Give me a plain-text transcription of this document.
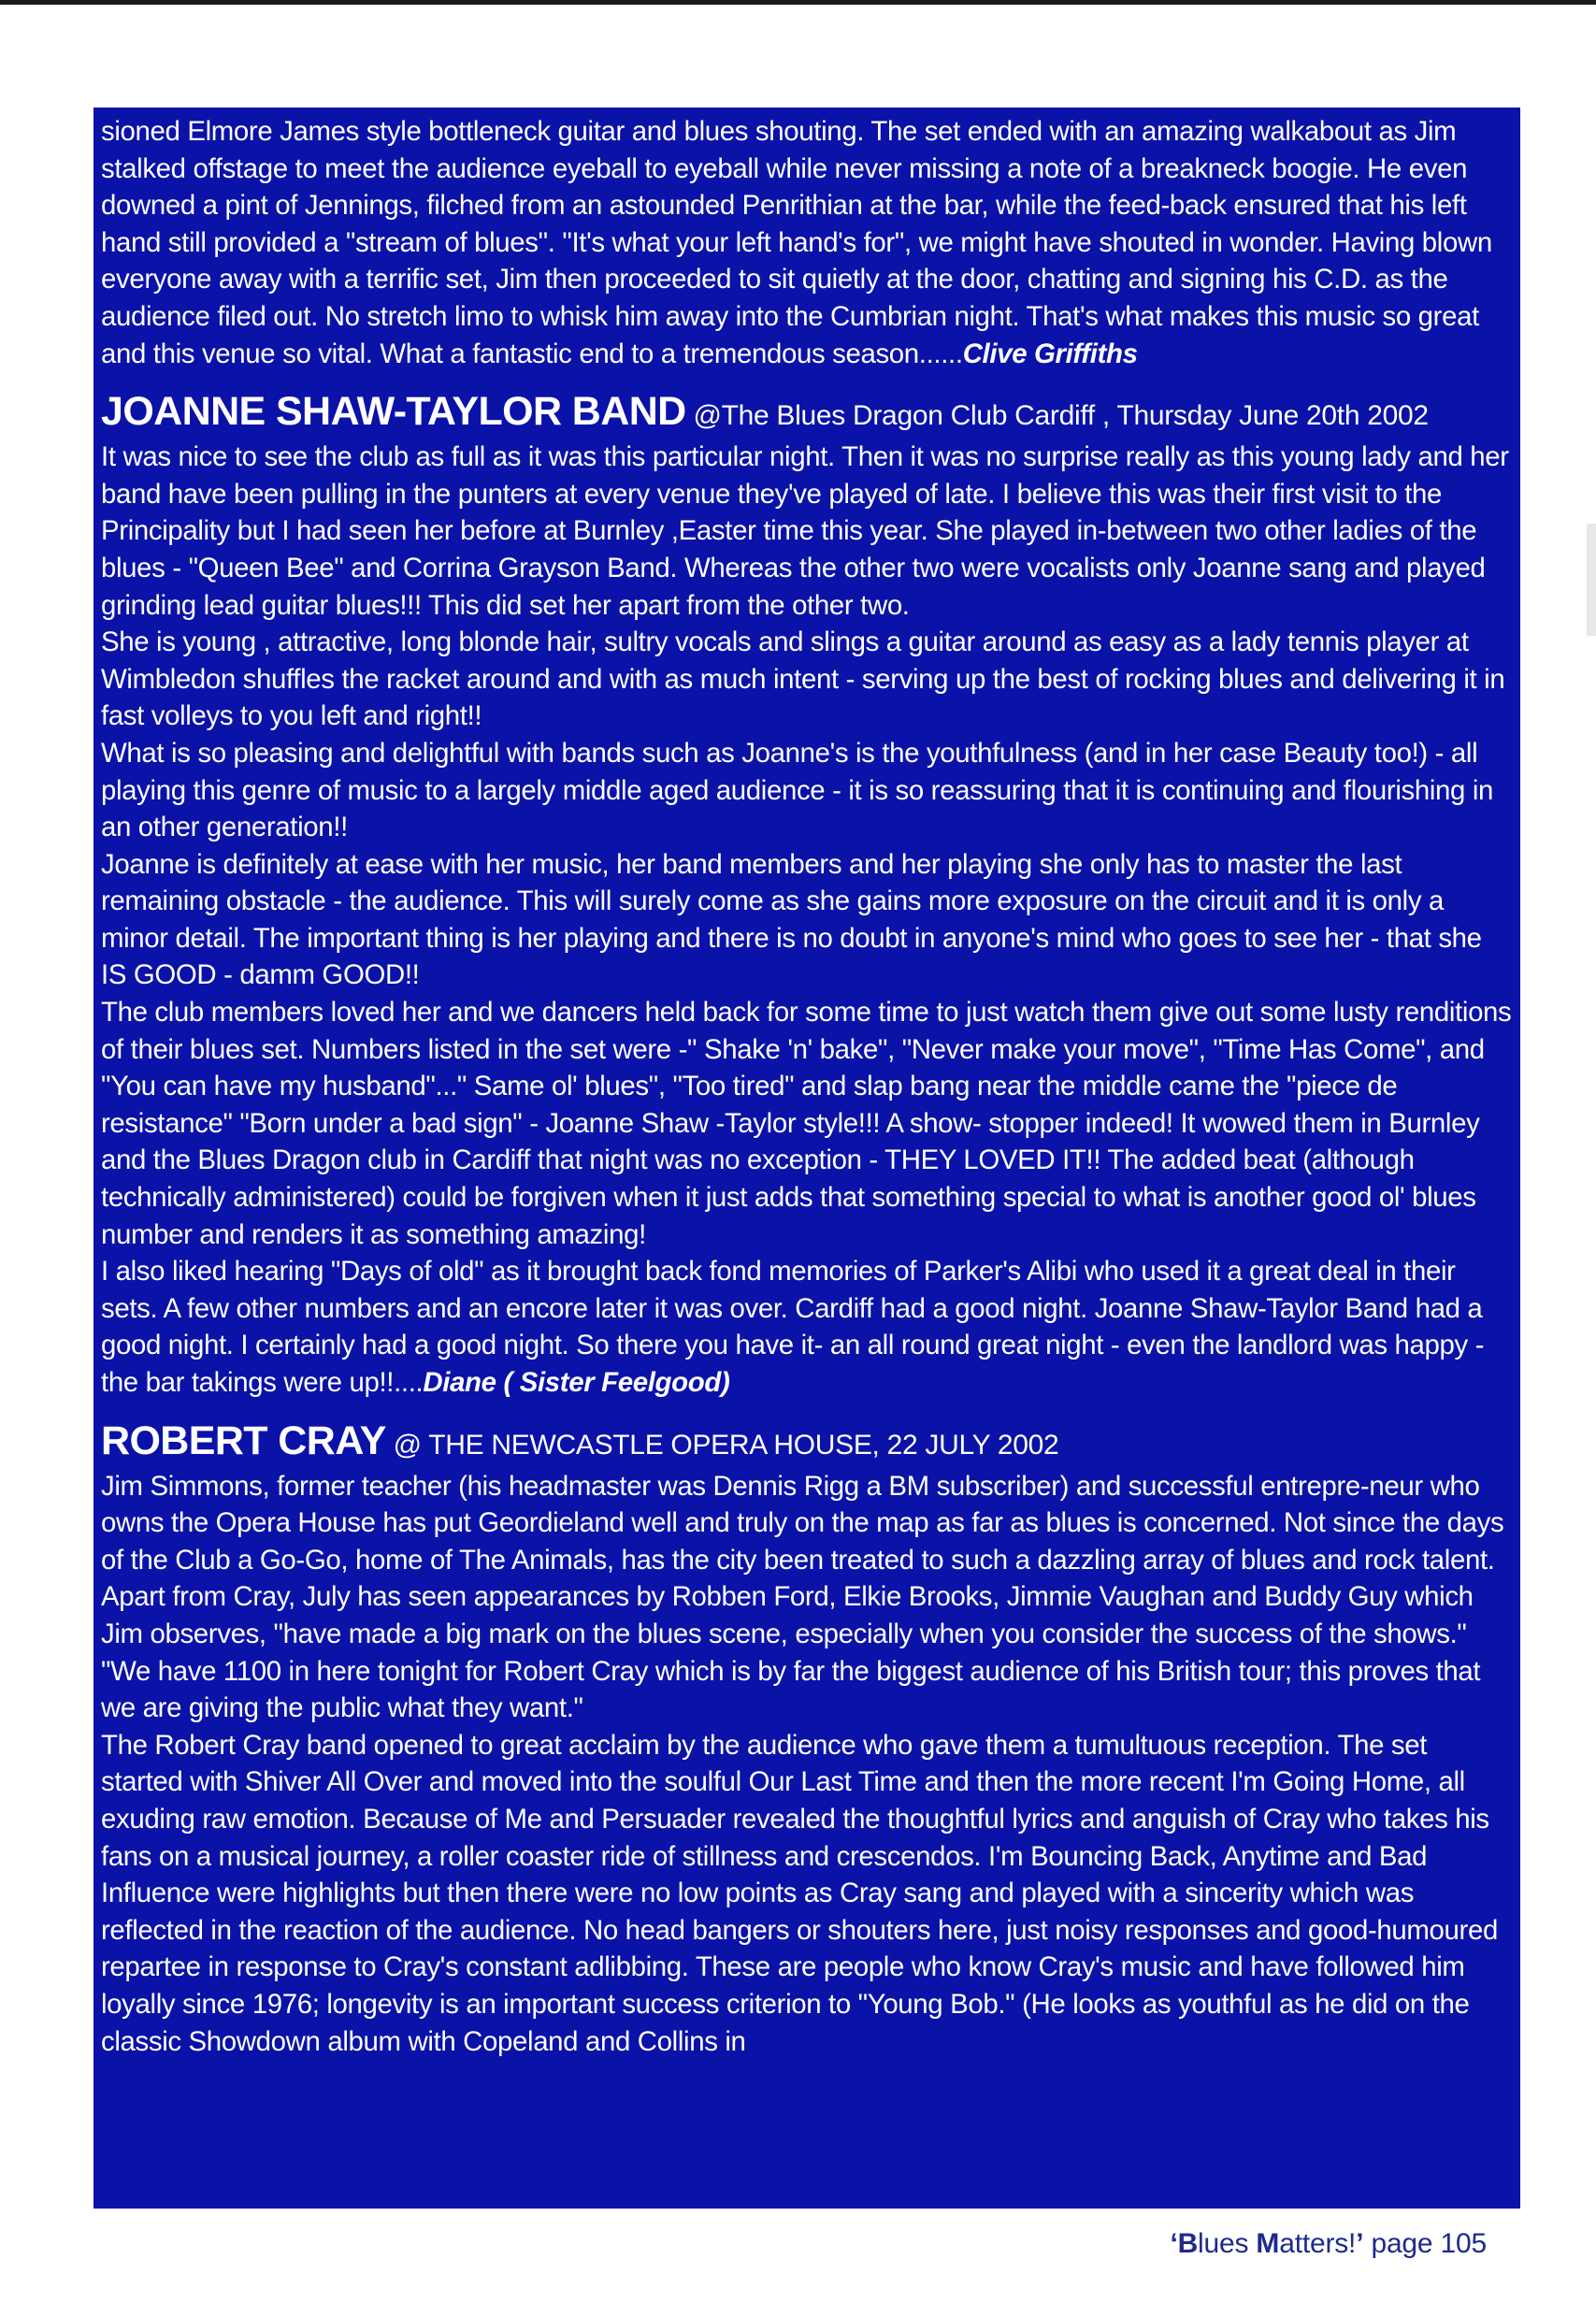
sioned Elmore James style bottleneck guitar and blues shouting. The set ended with an amazing walkabout as Jim stalked offstage to meet the audience eyeball to eyeball while never missing a note of a breakneck boogie. He even downed a pint of Jennings, filched from an astounded Penrithian at the bar, while the feed-back ensured that his left hand still provided a "stream of blues". "It's what your left hand's for", we might have shouted in wonder. Having blown everyone away with a terrific set, Jim then proceeded to sit quietly at the door, chatting and signing his C.D. as the audience filed out. No stretch limo to whisk him away into the Cumbrian night. That's what makes this music so great and this venue so vital. What a fantastic end to a tremendous season......Clive Griffiths

JOANNE SHAW-TAYLOR BAND @The Blues Dragon Club Cardiff , Thursday June 20th 2002

It was nice to see the club as full as it was this particular night. Then it was no surprise really as this young lady and her band have been pulling in the punters at every venue they've played of late. I believe this was their first visit to the Principality but I had seen her before at Burnley ,Easter time this year. She played in-between two other ladies of the blues - "Queen Bee" and Corrina Grayson Band. Whereas the other two were vocalists only Joanne sang and played grinding lead guitar blues!!! This did set her apart from the other two.

She is young , attractive, long blonde hair, sultry vocals and slings a guitar around as easy as a lady tennis player at Wimbledon shuffles the racket around and with as much intent - serving up the best of rocking blues and delivering it in fast volleys to you left and right!!

What is so pleasing and delightful with bands such as Joanne's is the youthfulness (and in her case Beauty too!) - all playing this genre of music to a largely middle aged audience - it is so reassuring that it is continuing and flourishing in an other generation!!

Joanne is definitely at ease with her music, her band members and her playing she only has to master the last remaining obstacle - the audience. This will surely come as she gains more exposure on the circuit and it is only a minor detail. The important thing is her playing and there is no doubt in anyone's mind who goes to see her - that she IS GOOD - damm GOOD!!

The club members loved her and we dancers held back for some time to just watch them give out some lusty renditions of their blues set. Numbers listed in the set were -" Shake 'n' bake", "Never make your move", "Time Has Come", and "You can have my husband"..." Same ol' blues", "Too tired" and slap bang near the middle came the "piece de resistance" "Born under a bad sign" - Joanne Shaw -Taylor style!!! A show- stopper indeed! It wowed them in Burnley and the Blues Dragon club in Cardiff that night was no exception - THEY LOVED IT!! The added beat (although technically administered) could be forgiven when it just adds that something special to what is another good ol' blues number and renders it as something amazing!

I also liked hearing "Days of old" as it brought back fond memories of Parker's Alibi who used it a great deal in their sets. A few other numbers and an encore later it was over. Cardiff had a good night. Joanne Shaw-Taylor Band had a good night. I certainly had a good night. So there you have it- an all round great night - even the landlord was happy - the bar takings were up!!....Diane ( Sister Feelgood)

ROBERT CRAY @ THE NEWCASTLE OPERA HOUSE, 22 JULY 2002

Jim Simmons, former teacher (his headmaster was Dennis Rigg a BM subscriber) and successful entrepre-neur who owns the Opera House has put Geordieland well and truly on the map as far as blues is concerned. Not since the days of the Club a Go-Go, home of The Animals, has the city been treated to such a dazzling array of blues and rock talent. Apart from Cray, July has seen appearances by Robben Ford, Elkie Brooks, Jimmie Vaughan and Buddy Guy which Jim observes, "have made a big mark on the blues scene, especially when you consider the success of the shows." "We have 1100 in here tonight for Robert Cray which is by far the biggest audience of his British tour; this proves that we are giving the public what they want."

The Robert Cray band opened to great acclaim by the audience who gave them a tumultuous reception. The set started with Shiver All Over and moved into the soulful Our Last Time and then the more recent I'm Going Home, all exuding raw emotion. Because of Me and Persuader revealed the thoughtful lyrics and anguish of Cray who takes his fans on a musical journey, a roller coaster ride of stillness and crescendos. I'm Bouncing Back, Anytime and Bad Influence were highlights but then there were no low points as Cray sang and played with a sincerity which was reflected in the reaction of the audience. No head bangers or shouters here, just noisy responses and good-humoured repartee in response to Cray's constant adlibbing. These are people who know Cray's music and have followed him loyally since 1976; longevity is an important success criterion to "Young Bob." (He looks as youthful as he did on the classic Showdown album with Copeland and Collins in

‘Blues Matters!’ page 105
